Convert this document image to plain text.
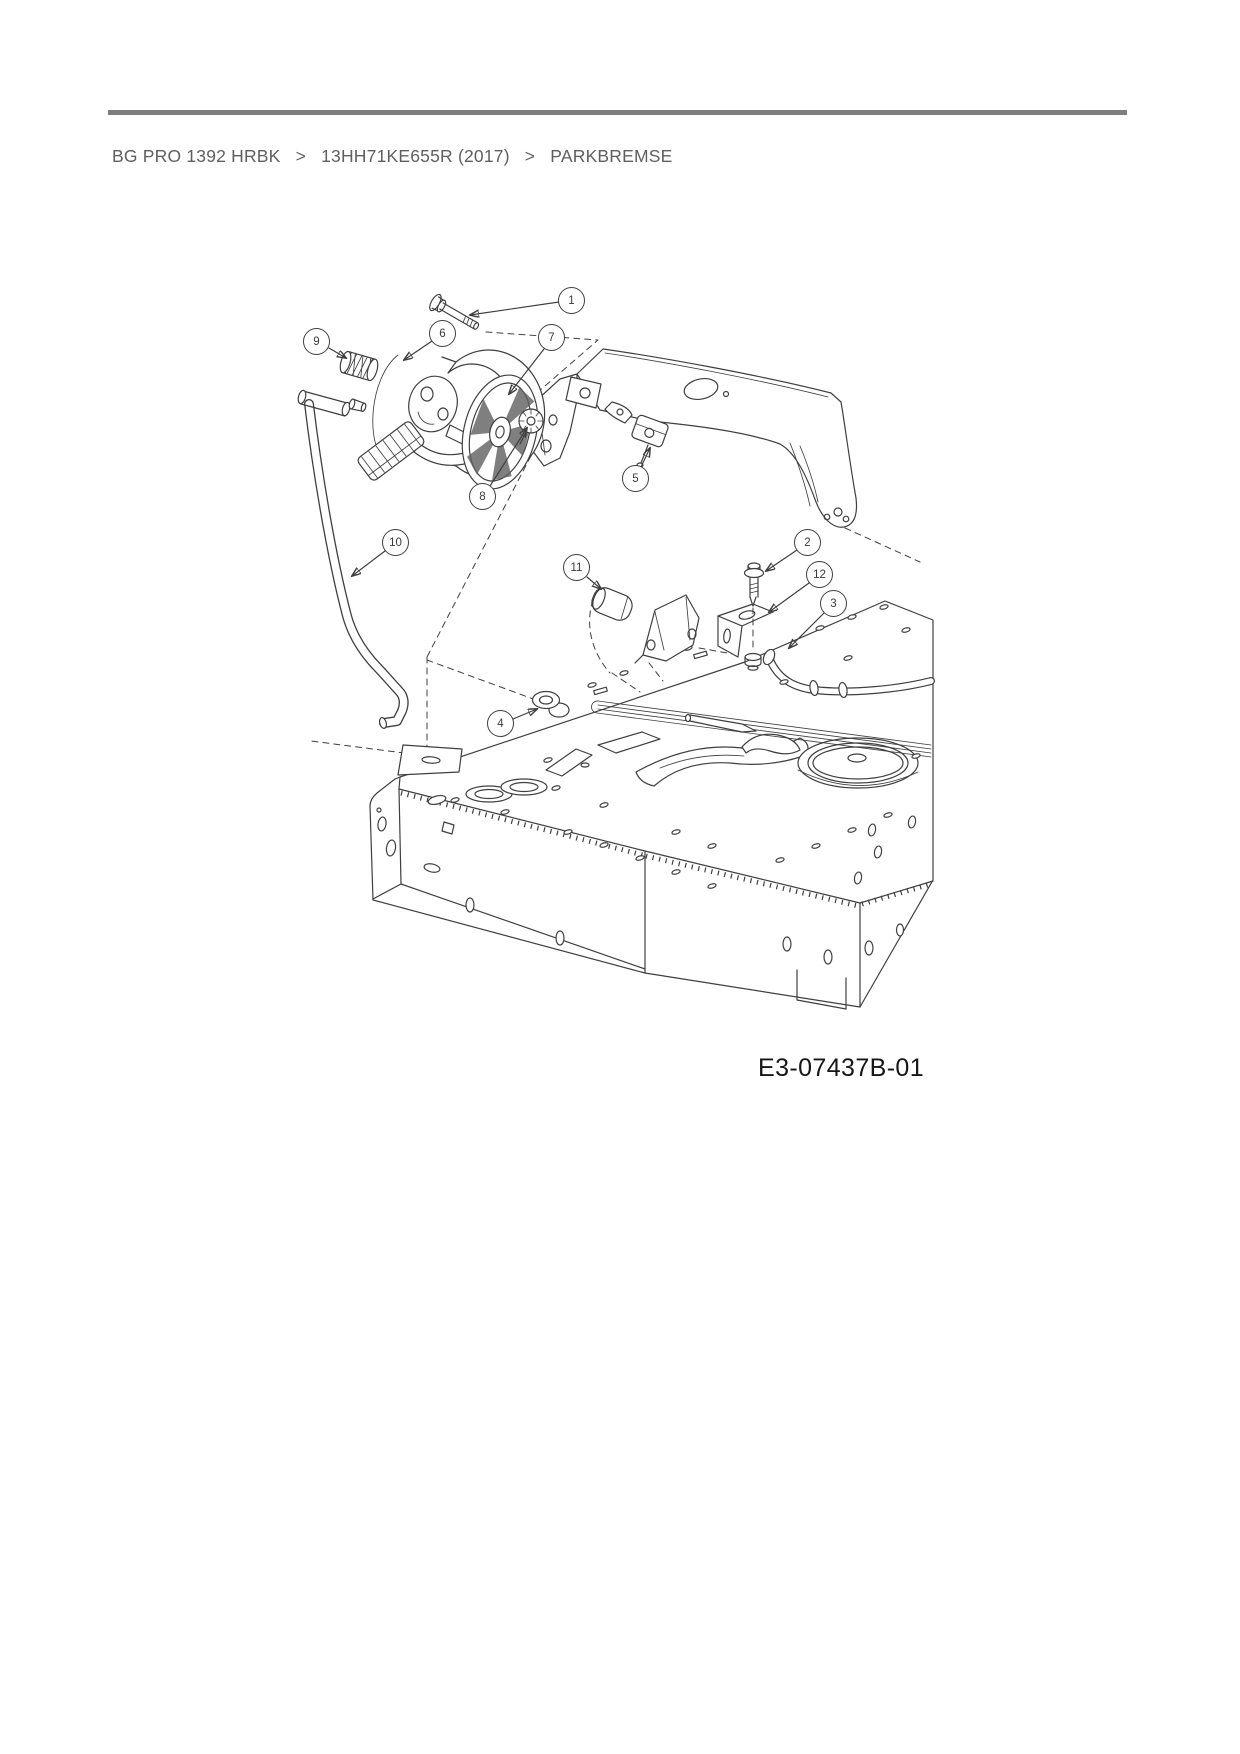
BG PRO 1392 HRBK > 13HH71KE655R (2017) > PARKBREMSE
1
2
3
4
5
6	7
8
9
10
11
12
E3-07437B-01
